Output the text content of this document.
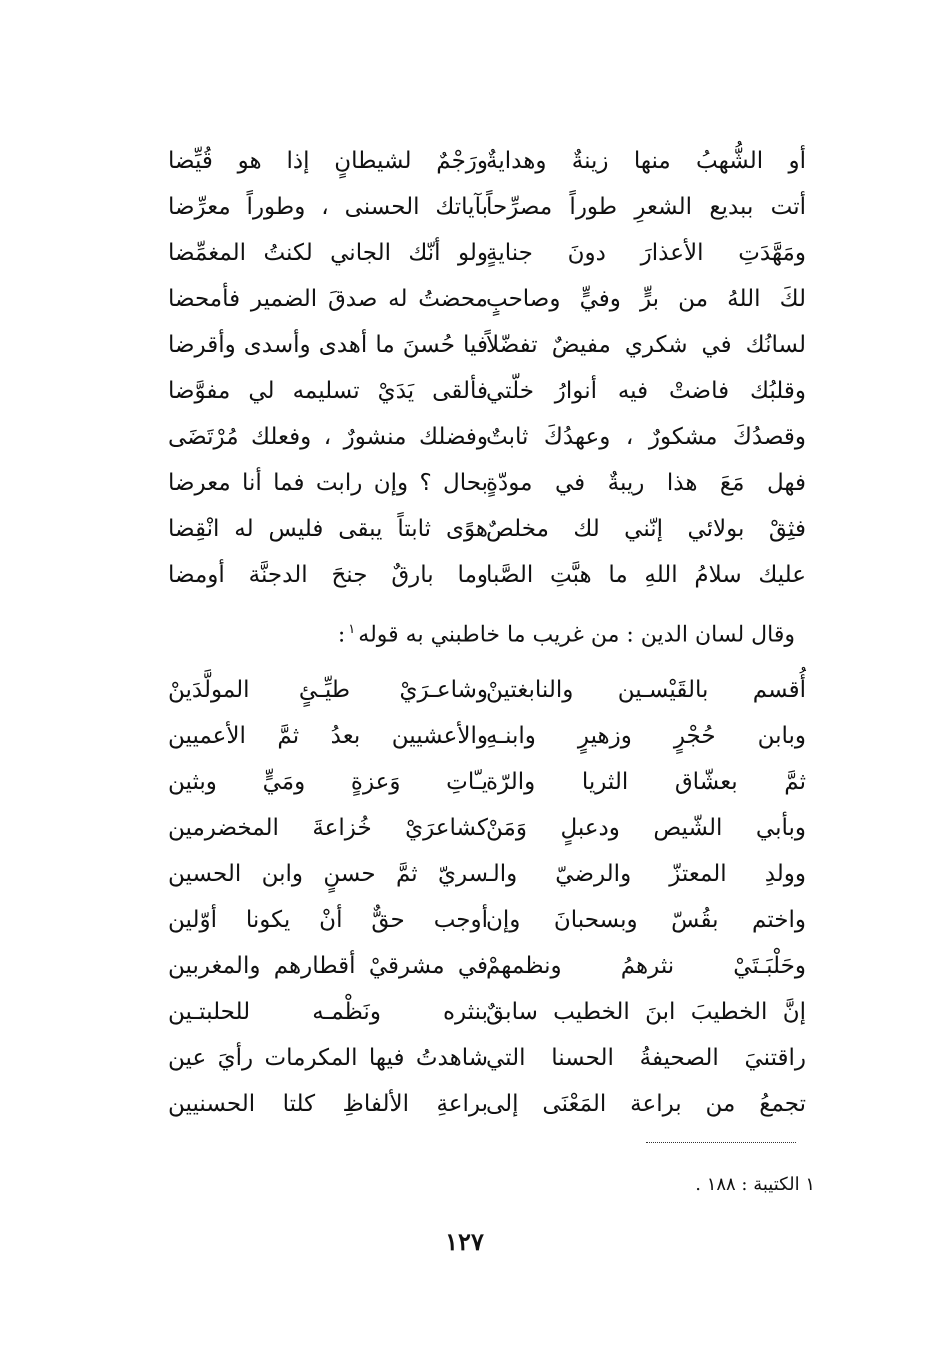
أو الشُّهبُ منها زينةٌ وهدايةٌ
ورَجْمٌ لشيطانٍ إذا هو قُيِّضا
أتت ببديع الشعرِ طوراً مصرِّحاً
بآياتك الحسنى ، وطوراً معرِّضا
ومَهَّدَتِ الأعذارَ دونَ جنايةٍ
ولو أنّك الجاني لكنتُ المغمِّضا
لكَ اللهُ من برٍّ وفيٍّ وصاحبٍ
محضتُ له صدقَ الضمير فأمحضا
لسانُك في شكري مفيضٌ تفضّلاً
فيا حُسنَ ما أهدى وأسدى وأقرضا
وقلبُك فاضتْ فيه أنوارُ خلّتي
فألقى يَدَيْ تسليمه لي مفوَّضا
وقصدُكَ مشكورٌ ، وعهدُكَ ثابتٌ
وفضلك منشورٌ ، وفعلك مُرْتَضَى
فهل مَعَ هذا ريبةٌ في مودّةٍ
بحال ؟ وإن رابت فما أنا معرضا
فثِقْ بولائي إنّني لك مخلصٌ
هوًى ثابتاً يبقى فليس له انْقِضا
عليك سلامُ اللهِ ما هبَّتِ الصَّبا
وما بارقٌ جنحَ الدجنَّة أومضا
وقال لسان الدين : من غريب ما خاطبني به قوله$^١$:
أُقسم بالقَيْسـين والنابغتينْ
وشاعـرَيْ طيِّـئٍ المولَّدَينْ
وبابن حُجْرٍ وزهيرٍ وابنـهِ
والأعشيين بعدُ ثمَّ الأعميين
ثمَّ بعشّاق الثريا والرّة
يـّاتِ وَعزةٍ ومَيٍّ وبثين
وبأبي الشّيص ودعبلٍ وَمَنْ
كشاعرَيْ خُزاعةَ المخضرمين
وولدِ المعتزّ والرضيّ والـ
سريّ ثمَّ حسنٍ وابن الحسين
واختم بقُسّ وبسحبانَ وإن
أوجب حقٌّ أنْ يكونا أوّلين
وحَلْبَـتَيْ نثرهمُ ونظمهمْ
في مشرقيْ أقطارهم والمغربين
إنَّ الخطيبَ ابنَ الخطيب سابقٌ
بنثره ونَظْمـه للحلبتـين
راقتنيَ الصحيفةُ الحسنا التي
شاهدتُ فيها المكرمات رأيَ عين
تجمعُ من براعة المَعْنَى إلى
براعةِ الألفاظِ كلتا الحسنيين
١ الكتيبة : ١٨٨ .
١٢٧
